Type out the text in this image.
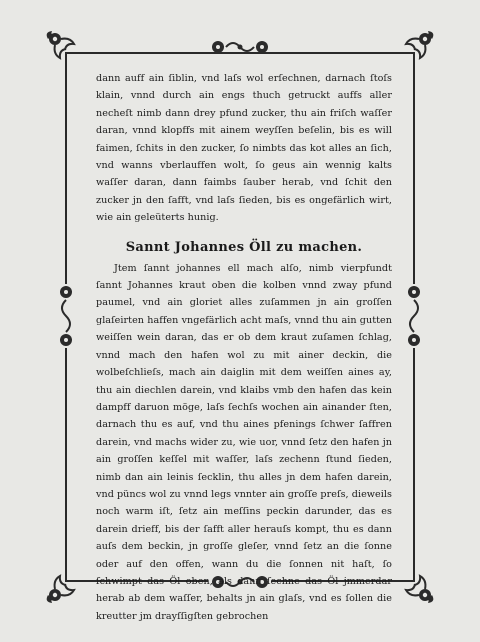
dann auff ain ſiblin, vnd laſs wol erſechnen, darnach ſtoſs klain, vnnd durch ain engs thuch getruckt auffs aller necheſt nimb dann drey pfund zucker, thu ain friſch waſſer daran, vnnd klopffs mit ainem weyſſen beſelin, bis es will faimen, ſchits in den zucker, ſo nimbts das kot alles an ſich, vnd wanns vberlauffen wolt, ſo geus ain wennig kalts waſſer daran, dann faimbs ſauber herab, vnd ſchit den zucker jn den ſafft, vnd laſs ſieden, bis es ongefärlich wirt, wie ain geleüterts hunig.

Sannt Johannes Öll zu machen.

Jtem ſannt johannes ell mach alſo, nimb vierpfundt ſannt Johannes kraut oben die kolben vnnd zway pfund paumel, vnd ain gloriet alles zuſammen jn ain groſſen glaſeirten haffen vngefärlich acht maſs, vnnd thu ain gutten weiſſen wein daran, das er ob dem kraut zuſamen ſchlag, vnnd mach den hafen wol zu mit ainer deckin, die wolbeſchlieſs, mach ain daiglin mit dem weiſſen aines ay, thu ain diechlen darein, vnd klaibs vmb den hafen das kein dampff daruon möge, laſs ſechſs wochen ain ainander ſten, darnach thu es auf, vnd thu aines pfenings ſchwer ſaffren darein, vnd machs wider zu, wie uor, vnnd ſetz den hafen jn ain groſſen keſſel mit waſſer, laſs zechenn ſtund ſieden, nimb dan ain leinis ſecklin, thu alles jn dem hafen darein, vnd püncs wol zu vnnd legs vnnter ain groſſe preſs, dieweils noch warm iſt, ſetz ain meſſins peckin darunder, das es darein drieff, bis der ſafft aller herauſs kompt, thu es dann auſs dem beckin, jn groſſe gleſer, vnnd ſetz an die ſonne oder auf den offen, wann du die ſonnen nit haſt, ſo ſchwimpt das Öl oben, als dann ſechne das Öl jmmerdar herab ab dem waſſer, behalts jn ain glaſs, vnd es ſollen die kreutter jm drayſſigſten gebrochen
